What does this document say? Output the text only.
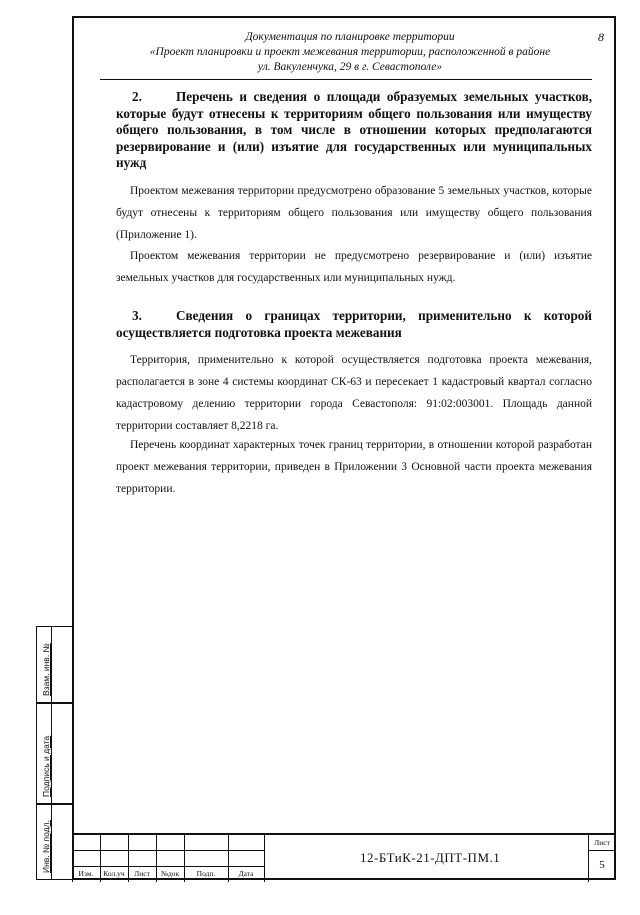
Взам. инв. №
Подпись и дата
Инв. № подл.
Документация по планировке территории
«Проект планировки и проект межевания территории, расположенной в районе
ул. Вакуленчука, 29 в г. Севастополе»
8
2.	Перечень и сведения о площади образуемых земельных участков, которые будут отнесены к территориям общего пользования или имуществу общего пользования, в том числе в отношении которых предполагаются резервирование и (или) изъятие для государственных или муниципальных нужд
Проектом межевания территории предусмотрено образование 5 земельных участков, которые будут отнесены к территориям общего пользования или имуществу общего пользования (Приложение 1).
Проектом межевания территории не предусмотрено резервирование и (или) изъятие земельных участков для государственных или муниципальных нужд.
3.	Сведения о границах территории, применительно к которой осуществляется подготовка проекта межевания
Территория, применительно к которой осуществляется подготовка проекта межевания, располагается в зоне 4 системы координат СК-63 и пересекает 1 кадастровый квартал согласно кадастровому делению территории города Севастополя: 91:02:003001. Площадь данной территории составляет 8,2218 га.
Перечень координат характерных точек границ территории, в отношении которой разработан проект межевания территории, приведен в Приложении 3 Основной части проекта межевания территории.
Изм.	Кол.уч	Лист	№док	Подп.	Дата
Лист
5
12-БТиК-21-ДПТ-ПМ.1
